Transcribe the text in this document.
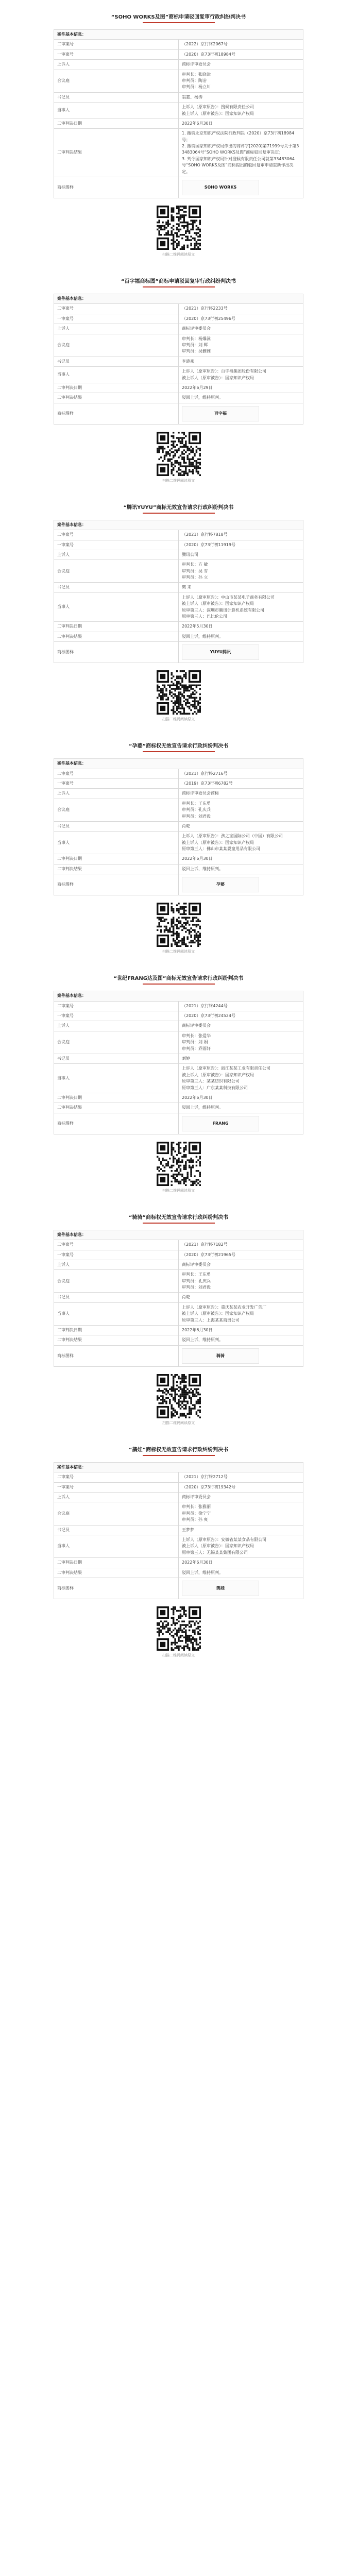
“SOHO WORKS及图”商标申请驳回复审行政纠纷判决书
案件基本信息：	
二审案号	（2022）京行终2067号

一审案号	（2020）京73行初18984号

上诉人	商标评审委员会

合议庭	审判长：张晓津
审判员：陶冶
审判员：杨立川

书记员	翁嘉、杨涛

当事人	上诉人（原审原告）：搜候有限责任公司
被上诉人（原审被告）：国家知识产权局

二审判决日期	2022年6月30日

二审判决结果	1. 撤销北京知识产权法院行政判决（2020）京73行初18984号；
2. 撤销国家知识产权局作出的商评字[2020]第71999号关于第33483064号“SOHO WORKS及图”商标驳回复审决定；
3. 判令国家知识产权局针对搜候有限责任公司就第33483064号“SOHO WORKS及图”商标提出的驳回复审申请重新作出决定。

商标图样	SOHO WORKS
扫描二维码阅读原文
“百字福商标图”商标申请驳回复审行政纠纷判决书
案件基本信息：	
二审案号	（2021）京行终2233号

一审案号	（2020）京73行初25496号

上诉人	商标评审委员会

合议庭	审判长：杨爆泳
审判员：刘 辉
审判员：吴雅雅

书记员	李晓燕

当事人	上诉人（原审原告）：百字福集团股份有限公司
被上诉人（原审被告）：国家知识产权局

二审判决日期	2022年6月29日

二审判决结果	驳回上诉，维持原判。

商标图样	百字福
扫描二维码阅读原文
“腾讯YUYU”商标无效宣告请求行政纠纷判决书
案件基本信息：	
二审案号	（2021）京行终7818号

一审案号	（2020）京73行初11919号

上诉人	腾讯公司

合议庭	审判长：方 敏
审判员：吴 雪
审判员：孙 立

书记员	樊 来

当事人	上诉人（原审原告）：中山市某某电子商务有限公司
被上诉人（原审被告）：国家知识产权局
原审第三人：深圳市腾讯计算机系统有限公司
原审第三人：巴比伦公司

二审判决日期	2022年5月30日

二审判决结果	驳回上诉，维持原判。

商标图样	YUYU腾讯
扫描二维码阅读原文
“孕婆”商标权无效宣告请求行政纠纷判决书
案件基本信息：	
二审案号	（2021）京行终2716号

一审案号	（2019）京73行初6782号

上诉人	商标评审委员会商标

合议庭	审判长：王东勇
审判员：孔庆兵
审判员：刘君毅

书记员	肖乾

当事人	上诉人（原审原告）：孩之宝国际公司（中国）有限公司
被上诉人（原审被告）：国家知识产权局
原审第三人：佛山市某某婴童用品有限公司

二审判决日期	2022年6月30日

二审判决结果	驳回上诉，维持原判。

商标图样	孕婆
扫描二维码阅读原文
“世纪FRANG达及图”商标无效宣告请求行政纠纷判决书
案件基本信息：	
二审案号	（2021）京行终4244号

一审案号	（2020）京73行初24524号

上诉人	商标评审委员会

合议庭	审判长：张爱华
审判员：刘 娟
审判员：乔雨轩

书记员	刘婷

当事人	上诉人（原审原告）：浙江某某工业有限责任公司
被上诉人（原审被告）：国家知识产权局
原审第三人：某某纺织有限公司
原审第三人：广东某某科技有限公司

二审判决日期	2022年6月30日

二审判决结果	驳回上诉，维持原判。

商标图样	FRANG
扫描二维码阅读原文
“骑骑”商标权无效宣告请求行政纠纷判决书
案件基本信息：	
二审案号	（2021）京行终7182号

一审案号	（2020）京73行初21965号

上诉人	商标评审委员会

合议庭	审判长：王东勇
审判员：孔庆兵
审判员：刘君毅

书记员	肖乾

当事人	上诉人（原审原告）：重庆某某农业开发广告厂
被上诉人（原审被告）：国家知识产权局
原审第三人：上海某某商贸公司

二审判决日期	2022年6月30日

二审判决结果	驳回上诉，维持原判。

商标图样	骑骑
扫描二维码阅读原文
“鹊娃”商标权无效宣告请求行政纠纷判决书
案件基本信息：	
二审案号	（2021）京行终2712号

一审案号	（2020）京73行初19342号

上诉人	商标评审委员会

合议庭	审判长：张雅丽
审判员：徐宁宁
审判员：孙 爽

书记员	王梦梦

当事人	上诉人（原审原告）：安徽省某某食品有限公司
被上诉人（原审被告）：国家知识产权局
原审第三人：无锡某某集团有限公司

二审判决日期	2022年6月30日

二审判决结果	驳回上诉，维持原判。

商标图样	鹊娃
扫描二维码阅读原文
